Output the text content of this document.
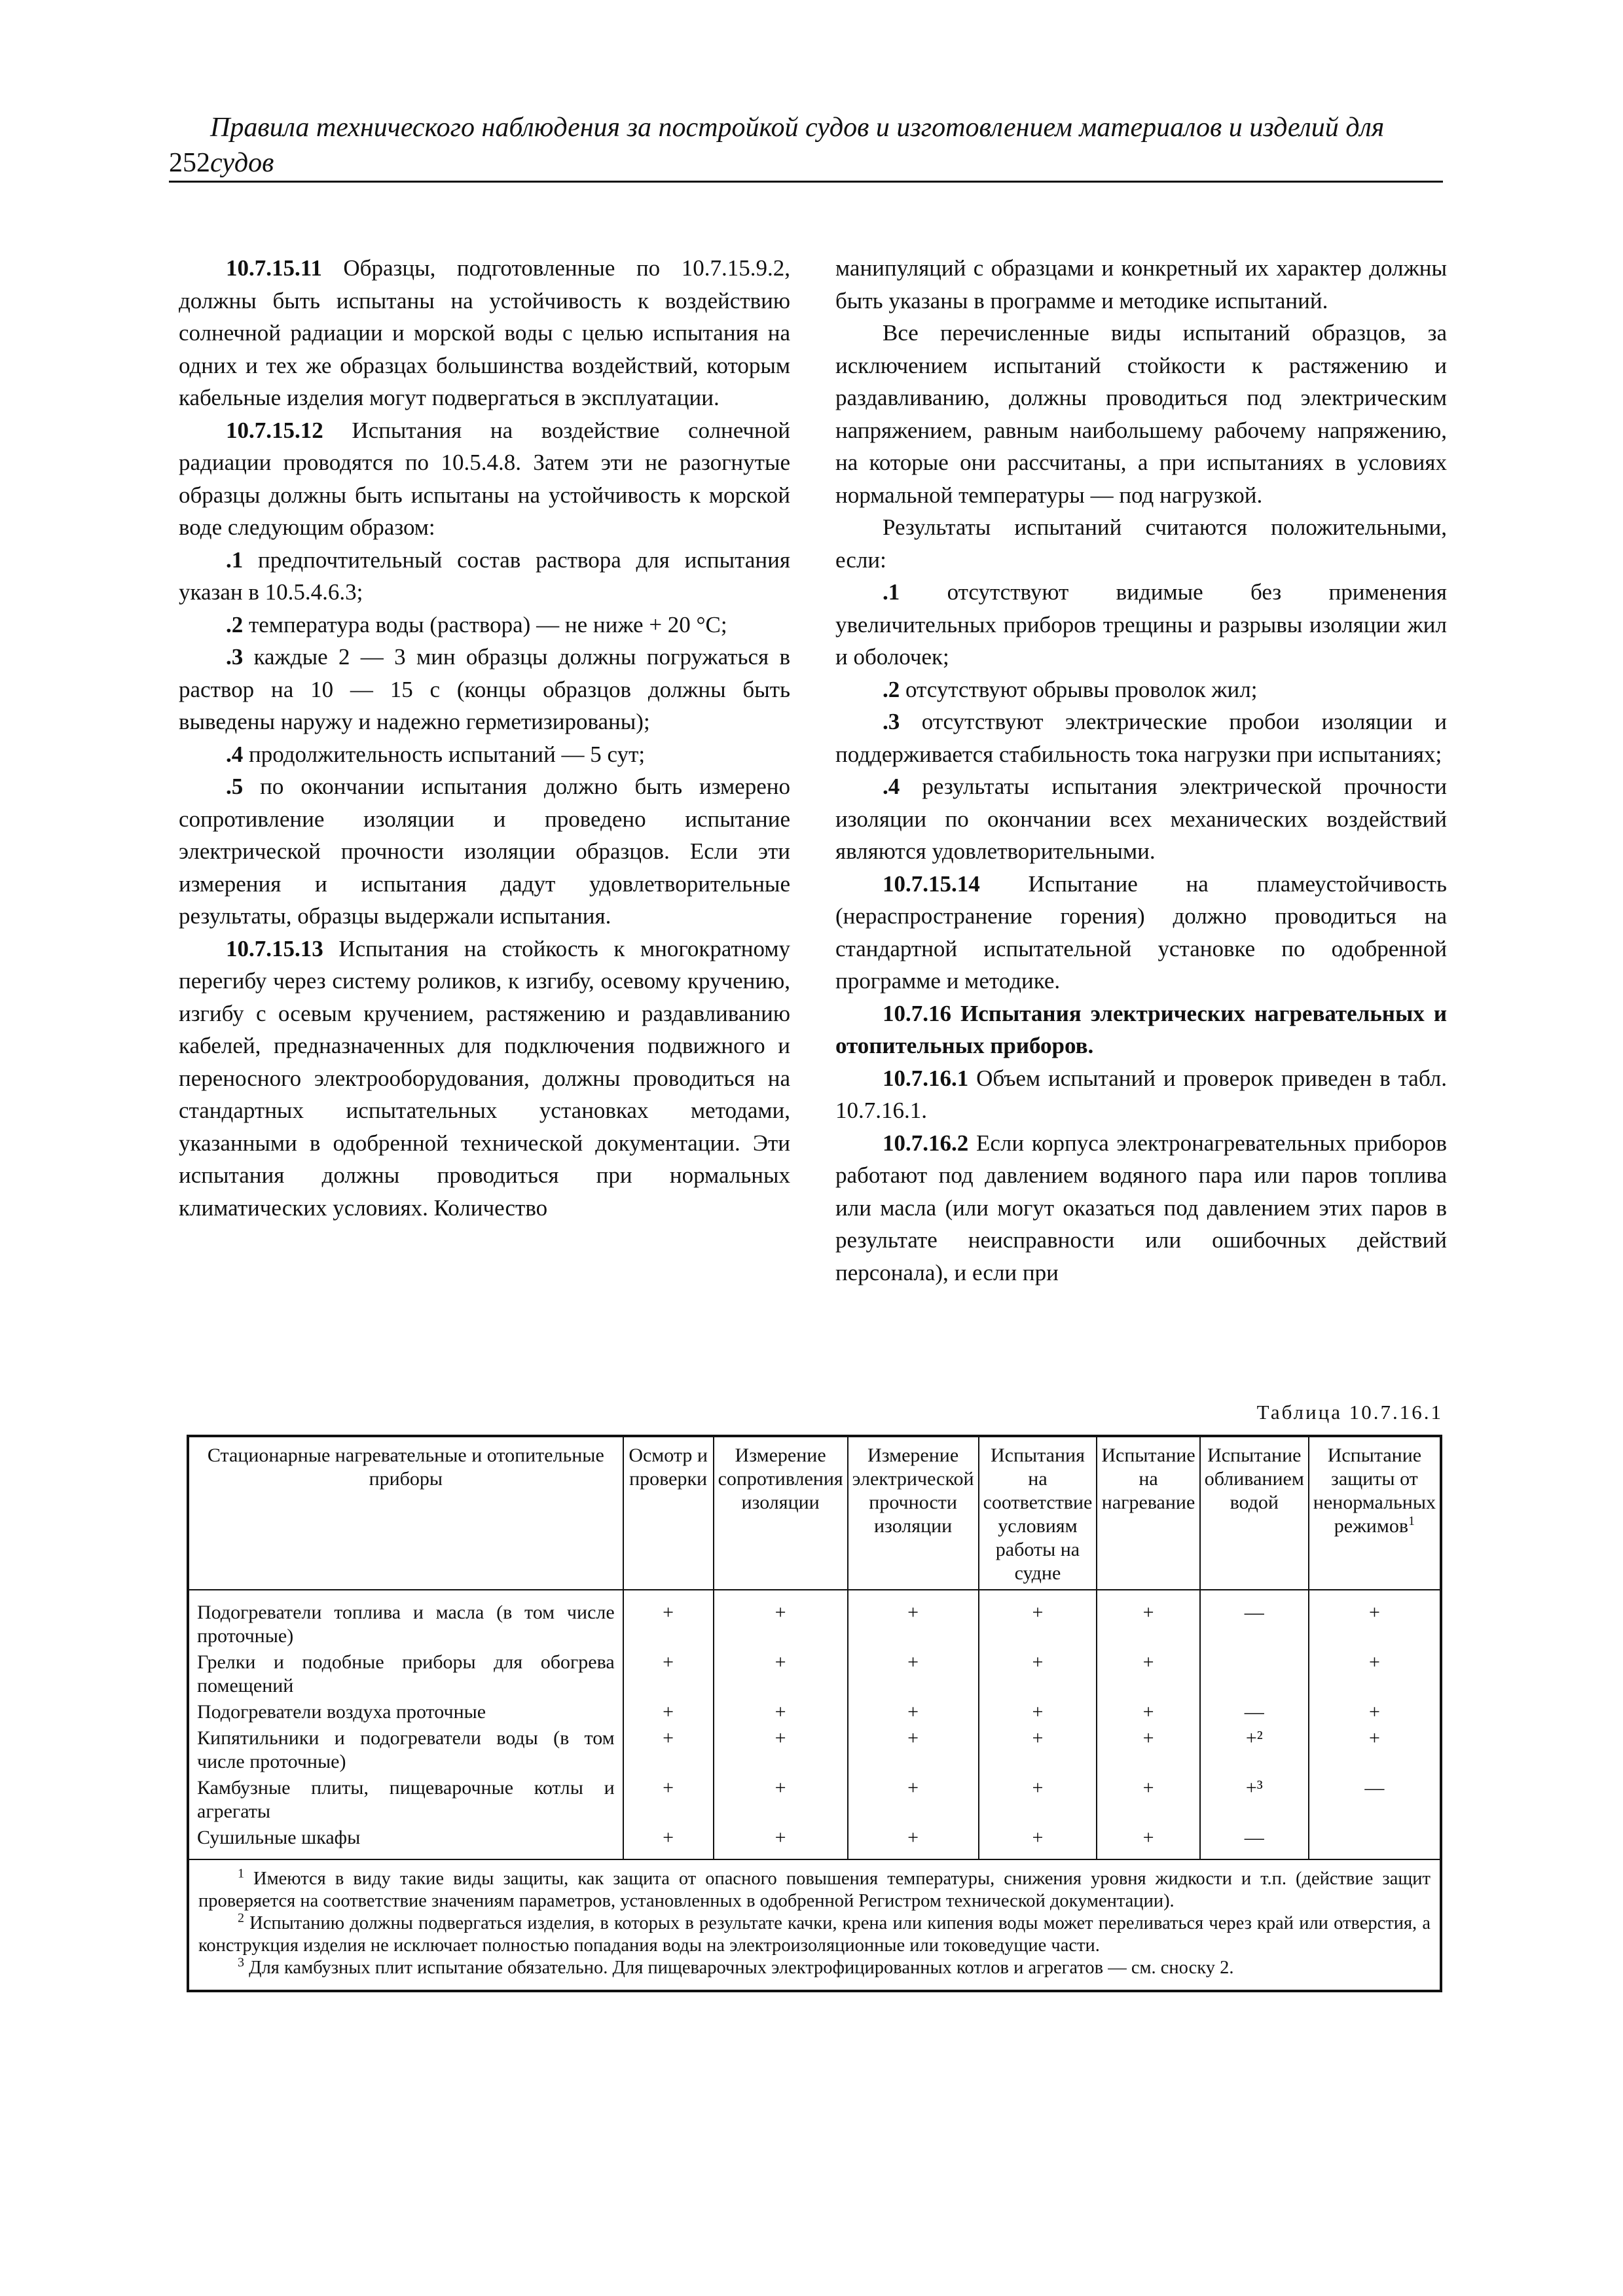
252
Правила технического наблюдения за постройкой судов и изготовлением материалов и изделий для судов

10.7.15.11 Образцы, подготовленные по 10.7.15.9.2, должны быть испытаны на устойчивость к воздействию солнечной радиации и морской воды с целью испытания на одних и тех же образцах большинства воздействий, которым кабельные изделия могут подвергаться в эксплуатации.

10.7.15.12 Испытания на воздействие солнечной радиации проводятся по 10.5.4.8. Затем эти не разогнутые образцы должны быть испытаны на устойчивость к морской воде следующим образом:

.1 предпочтительный состав раствора для испытания указан в 10.5.4.6.3;

.2 температура воды (раствора) — не ниже + 20 °С;

.3 каждые 2 — 3 мин образцы должны погружаться в раствор на 10 — 15 с (концы образцов должны быть выведены наружу и надежно герметизированы);

.4 продолжительность испытаний — 5 сут;

.5 по окончании испытания должно быть измерено сопротивление изоляции и проведено испытание электрической прочности изоляции образцов. Если эти измерения и испытания дадут удовлетворительные результаты, образцы выдержали испытания.

10.7.15.13 Испытания на стойкость к многократному перегибу через систему роликов, к изгибу, осевому кручению, изгибу с осевым кручением, растяжению и раздавливанию кабелей, предназначенных для подключения подвижного и переносного электрооборудования, должны проводиться на стандартных испытательных установках методами, указанными в одобренной технической документации. Эти испытания должны проводиться при нормальных климатических условиях. Количество

манипуляций с образцами и конкретный их характер должны быть указаны в программе и методике испытаний.

Все перечисленные виды испытаний образцов, за исключением испытаний стойкости к растяжению и раздавливанию, должны проводиться под электрическим напряжением, равным наибольшему рабочему напряжению, на которые они рассчитаны, а при испытаниях в условиях нормальной температуры — под нагрузкой.

Результаты испытаний считаются положительными, если:

.1 отсутствуют видимые без применения увеличительных приборов трещины и разрывы изоляции жил и оболочек;

.2 отсутствуют обрывы проволок жил;

.3 отсутствуют электрические пробои изоляции и поддерживается стабильность тока нагрузки при испытаниях;

.4 результаты испытания электрической прочности изоляции по окончании всех механических воздействий являются удовлетворительными.

10.7.15.14 Испытание на пламеустойчивость (нераспространение горения) должно проводиться на стандартной испытательной установке по одобренной программе и методике.

10.7.16 Испытания электрических нагревательных и отопительных приборов.

10.7.16.1 Объем испытаний и проверок приведен в табл. 10.7.16.1.

10.7.16.2 Если корпуса электронагревательных приборов работают под давлением водяного пара или паров топлива или масла (или могут оказаться под давлением этих паров в результате неисправности или ошибочных действий персонала), и если при

Таблица 10.7.16.1
Стационарные нагревательные и отопительные приборы	Осмотр и проверки	Измерение сопротивления изоляции	Измерение электрической прочности изоляции	Испытания на соответствие условиям работы на судне	Испытание на нагревание	Испытание обливанием водой	Испытание защиты от ненормальных режимов$^1$
Подогреватели топлива и масла (в том числе проточные)	+	+	+	+	+	—	+
Грелки и подобные приборы для обогрева помещений	+	+	+	+	+		+
Подогреватели воздуха проточные	+	+	+	+	+	—	+
Кипятильники и подогреватели воды (в том числе проточные)	+	+	+	+	+	+²	+
Камбузные плиты, пищеварочные котлы и агрегаты	+	+	+	+	+	+³	—
Сушильные шкафы	+	+	+	+	+	—	

$^1$ Имеются в виду такие виды защиты, как защита от опасного повышения температуры, снижения уровня жидкости и т.п. (действие защит проверяется на соответствие значениям параметров, установленных в одобренной Регистром технической документации).

$^2$ Испытанию должны подвергаться изделия, в которых в результате качки, крена или кипения воды может переливаться через край или отверстия, а конструкция изделия не исключает полностью попадания воды на электроизоляционные или токоведущие части.

$^3$ Для камбузных плит испытание обязательно. Для пищеварочных электрофицированных котлов и агрегатов — см. сноску 2.							
